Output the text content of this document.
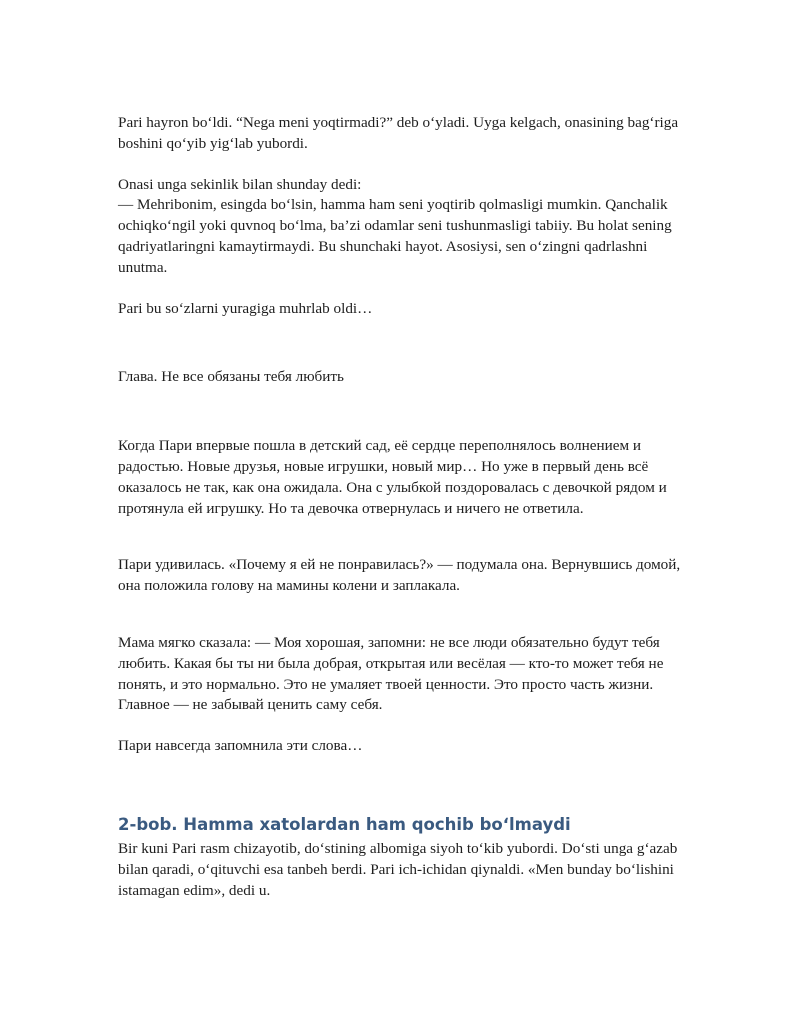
Pari hayron boʻldi. “Nega meni yoqtirmadi?” deb oʻyladi. Uyga kelgach, onasining bagʻriga boshini qoʻyib yigʻlab yubordi.

Onasi unga sekinlik bilan shunday dedi:

— Mehribonim, esingda boʻlsin, hamma ham seni yoqtirib qolmasligi mumkin. Qanchalik ochiqkoʻngil yoki quvnoq boʻlma, ba’zi odamlar seni tushunmasligi tabiiy. Bu holat sening qadriyatlaringni kamaytirmaydi. Bu shunchaki hayot. Asosiysi, sen oʻzingni qadrlashni unutma.

Pari bu soʻzlarni yuragiga muhrlab oldi…

Глава. Не все обязаны тебя любить

Когда Пари впервые пошла в детский сад, её сердце переполнялось волнением и радостью. Новые друзья, новые игрушки, новый мир… Но уже в первый день всё оказалось не так, как она ожидала. Она с улыбкой поздоровалась с девочкой рядом и протянула ей игрушку. Но та девочка отвернулась и ничего не ответила.

Пари удивилась. «Почему я ей не понравилась?» — подумала она. Вернувшись домой, она положила голову на мамины колени и заплакала.

Мама мягко сказала: — Моя хорошая, запомни: не все люди обязательно будут тебя любить. Какая бы ты ни была добрая, открытая или весёлая — кто-то может тебя не понять, и это нормально. Это не умаляет твоей ценности. Это просто часть жизни. Главное — не забывай ценить саму себя.

Пари навсегда запомнила эти слова…

2-bob. Hamma xatolardan ham qochib boʻlmaydi

Bir kuni Pari rasm chizayotib, doʻstining albomiga siyoh toʻkib yubordi. Doʻsti unga gʻazab bilan qaradi, oʻqituvchi esa tanbeh berdi. Pari ich-ichidan qiynaldi. «Men bunday boʻlishini istamagan edim», dedi u.
